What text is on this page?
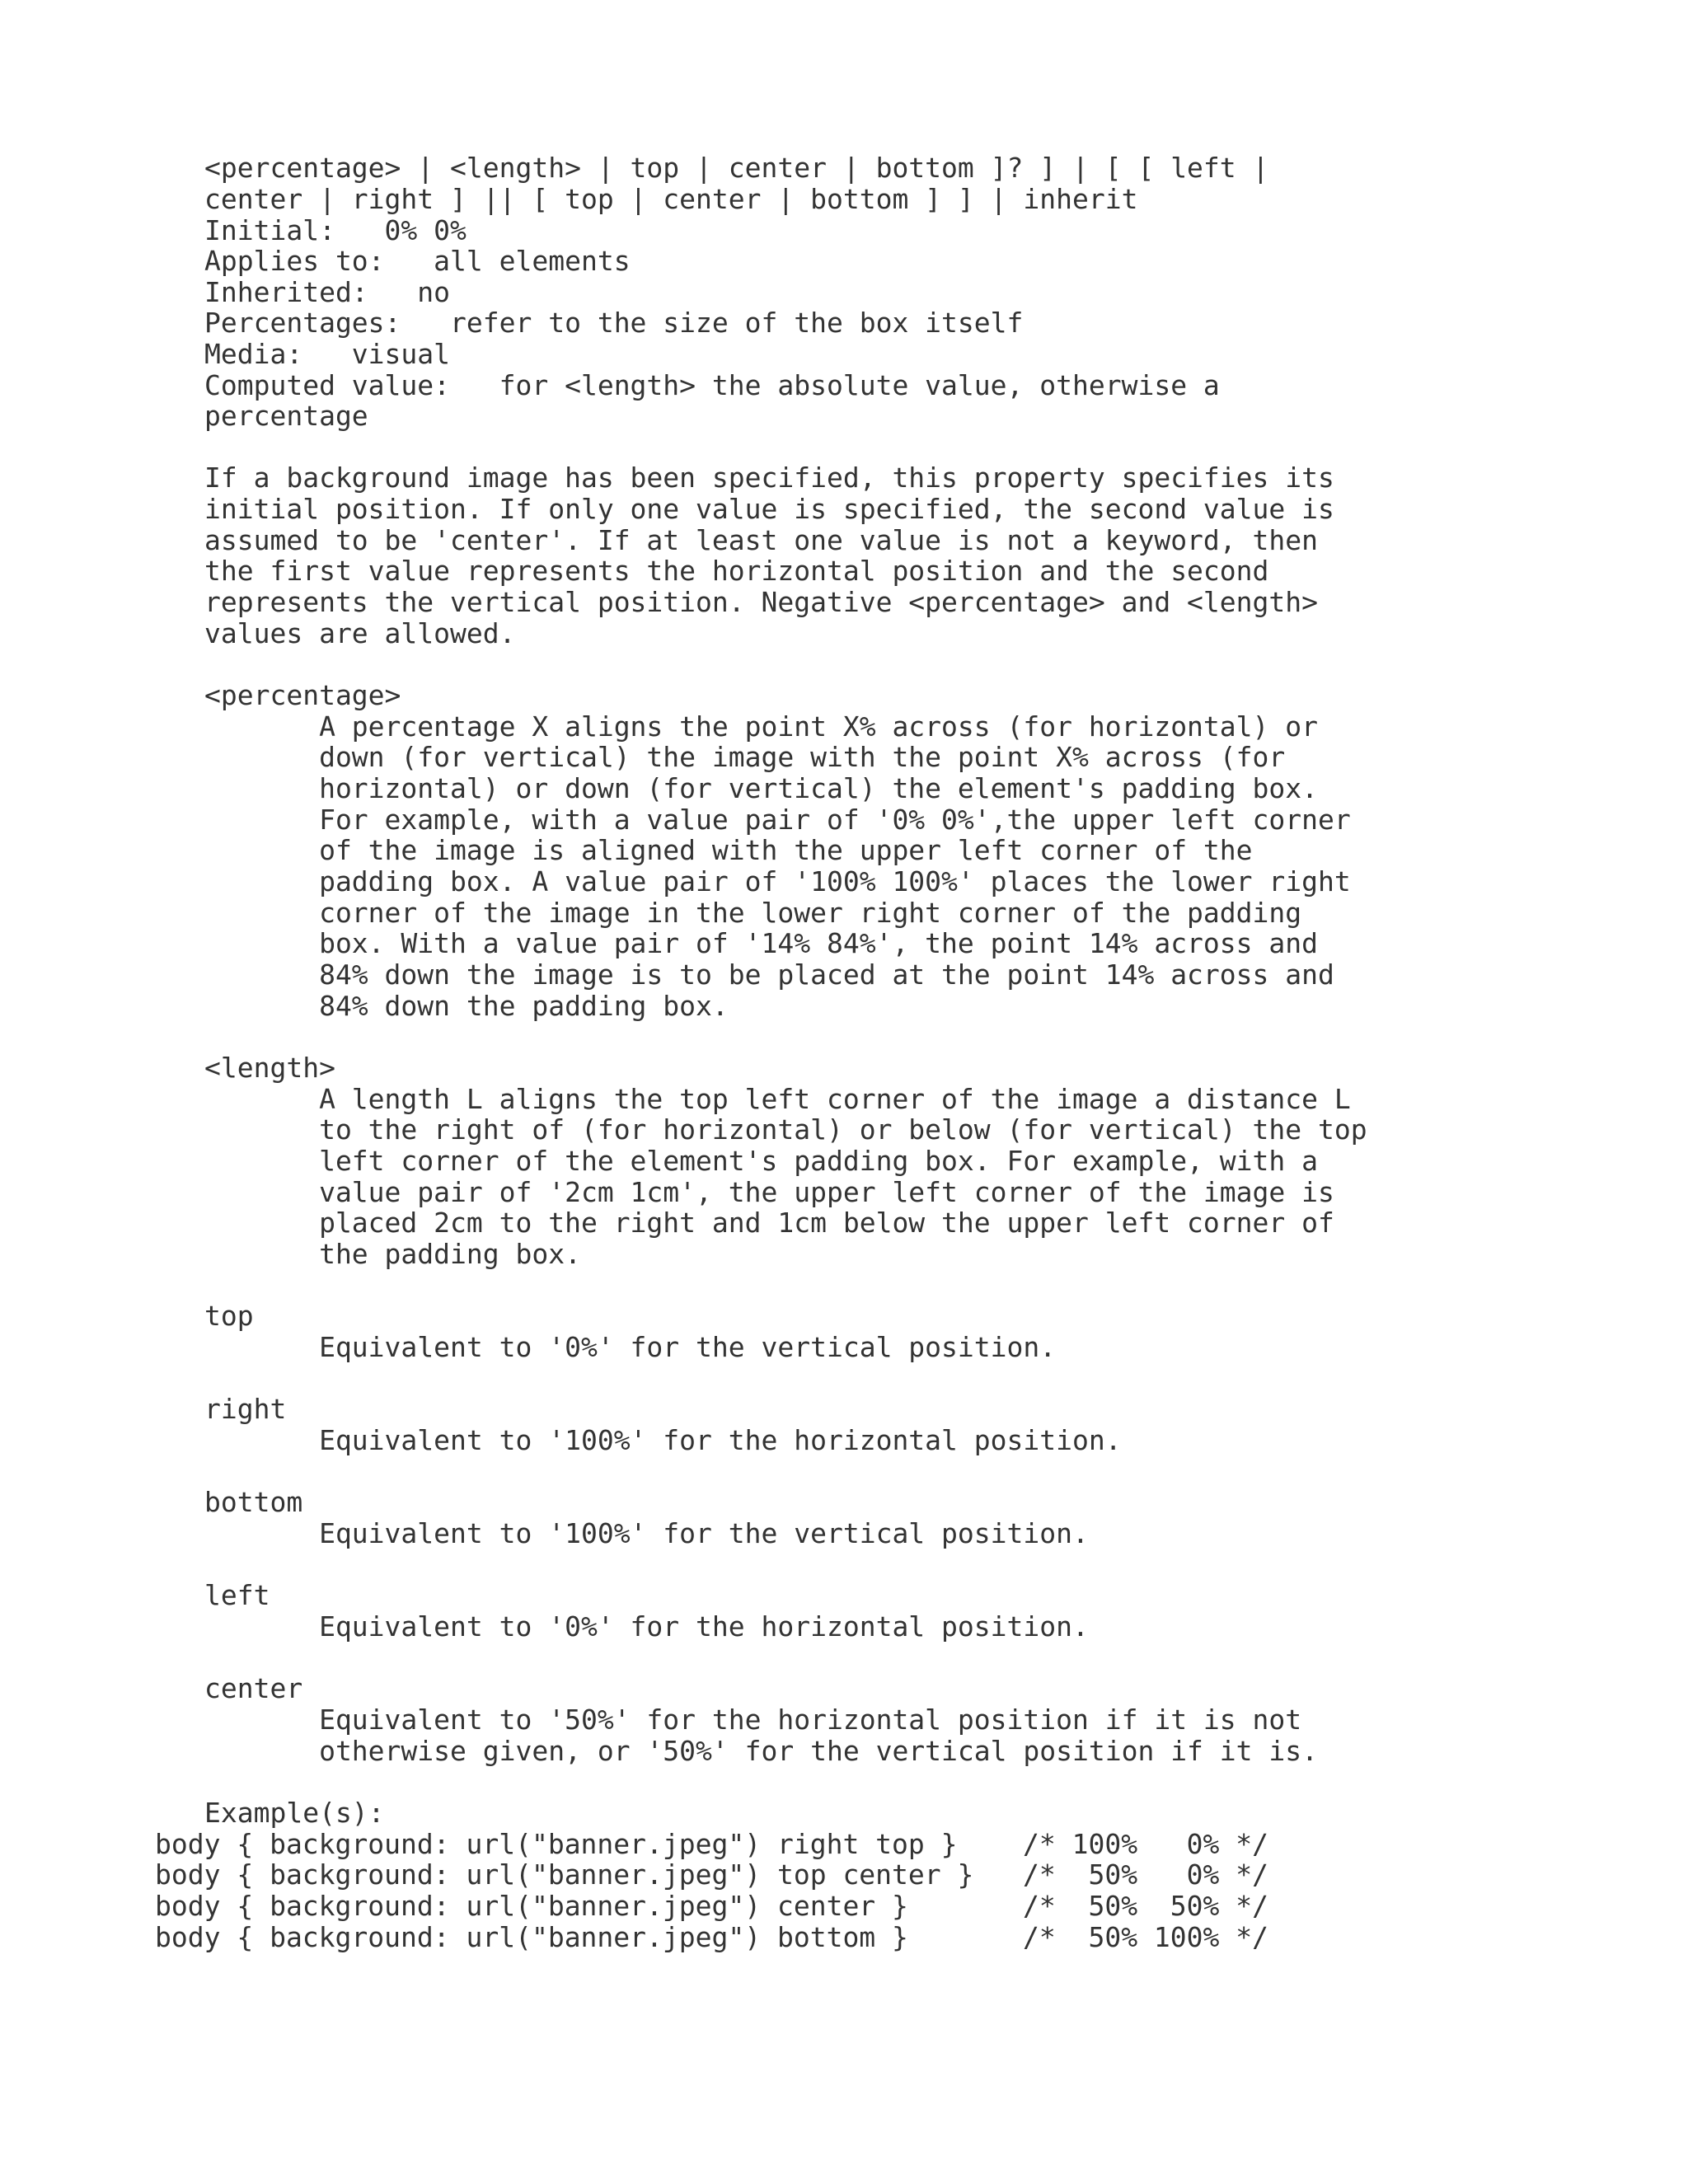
<percentage> | <length> | top | center | bottom ]? ] | [ [ left |
center | right ] || [ top | center | bottom ] ] | inherit
Initial:   0% 0%
Applies to:   all elements
Inherited:   no
Percentages:   refer to the size of the box itself
Media:   visual
Computed value:   for <length> the absolute value, otherwise a
percentage
If a background image has been specified, this property specifies its
initial position. If only one value is specified, the second value is
assumed to be 'center'. If at least one value is not a keyword, then
the first value represents the horizontal position and the second
represents the vertical position. Negative <percentage> and <length>
values are allowed.
<percentage>
A percentage X aligns the point X% across (for horizontal) or
down (for vertical) the image with the point X% across (for
horizontal) or down (for vertical) the element's padding box.
For example, with a value pair of '0% 0%',the upper left corner
of the image is aligned with the upper left corner of the
padding box. A value pair of '100% 100%' places the lower right
corner of the image in the lower right corner of the padding
box. With a value pair of '14% 84%', the point 14% across and
84% down the image is to be placed at the point 14% across and
84% down the padding box.
<length>
A length L aligns the top left corner of the image a distance L
to the right of (for horizontal) or below (for vertical) the top
left corner of the element's padding box. For example, with a
value pair of '2cm 1cm', the upper left corner of the image is
placed 2cm to the right and 1cm below the upper left corner of
the padding box.
top
Equivalent to '0%' for the vertical position.
right
Equivalent to '100%' for the horizontal position.
bottom
Equivalent to '100%' for the vertical position.
left
Equivalent to '0%' for the horizontal position.
center
Equivalent to '50%' for the horizontal position if it is not
otherwise given, or '50%' for the vertical position if it is.
Example(s):
body { background: url("banner.jpeg") right top }    /* 100%   0% */
body { background: url("banner.jpeg") top center }   /*  50%   0% */
body { background: url("banner.jpeg") center }       /*  50%  50% */
body { background: url("banner.jpeg") bottom }       /*  50% 100% */
